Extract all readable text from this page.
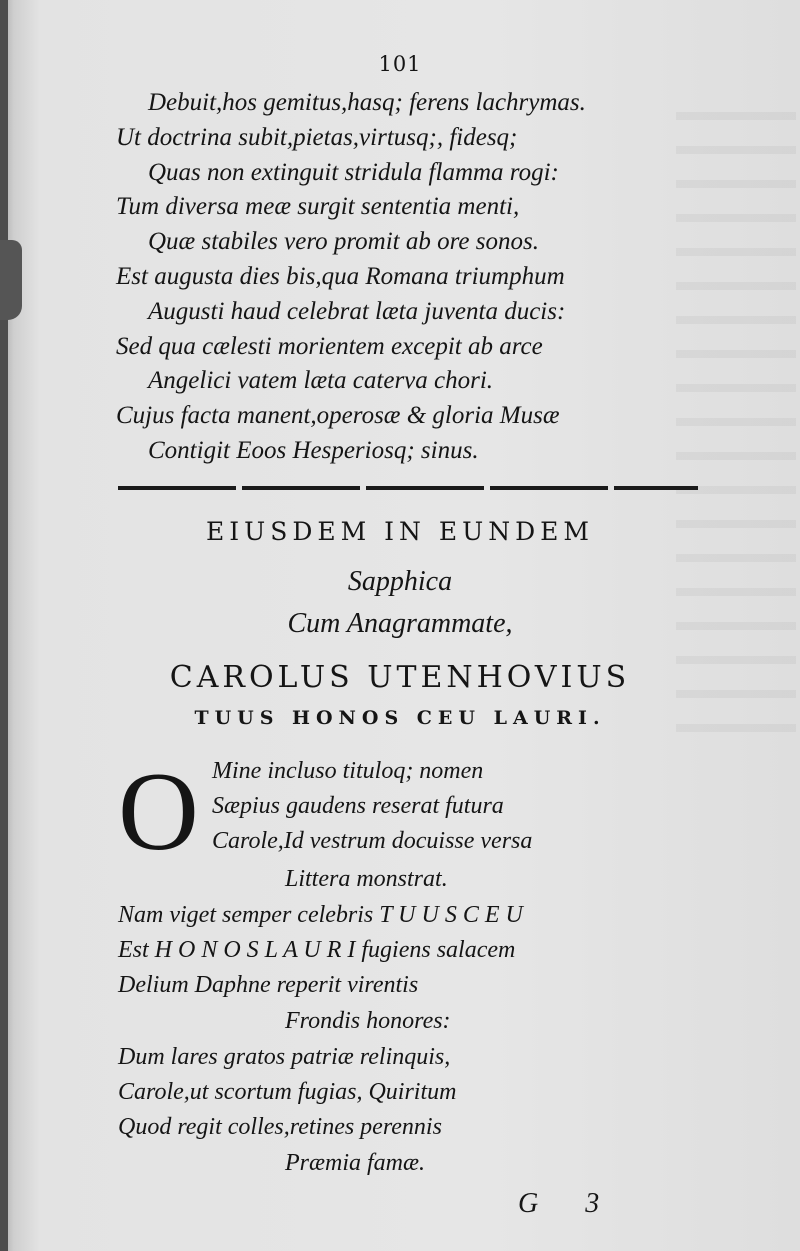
101
Debuit,hos gemitus,hasq; ferens lachrymas.
Ut doctrina subit,pietas,virtusq;, fidesq;
Quas non extinguit stridula flamma rogi:
Tum diversa meæ surgit sententia menti,
Quæ stabiles vero promit ab ore sonos.
Est augusta dies bis,qua Romana triumphum
Augusti haud celebrat læta juventa ducis:
Sed qua cælesti morientem excepit ab arce
Angelici vatem læta caterva chori.
Cujus facta manent,operosæ & gloria Musæ
Contigit Eoos Hesperiosq; sinus.
EIUSDEM IN EUNDEM
Sapphica
Cum Anagrammate,
CAROLUS UTENHOVIUS
TUUS HONOS CEU LAURI.
O Mine incluso tituloq; nomen
Sæpius gaudens reserat futura
Carole,Id vestrum docuisse versa
Littera monstrat.
Nam viget semper celebris T U U S C E U
Est H O N O S L A U R I fugiens salacem
Delium Daphne reperit virentis
Frondis honores:
Dum lares gratos patriæ relinquis,
Carole,ut scortum fugias, Quiritum
Quod regit colles,retines perennis
Præmia famæ.
G 3
